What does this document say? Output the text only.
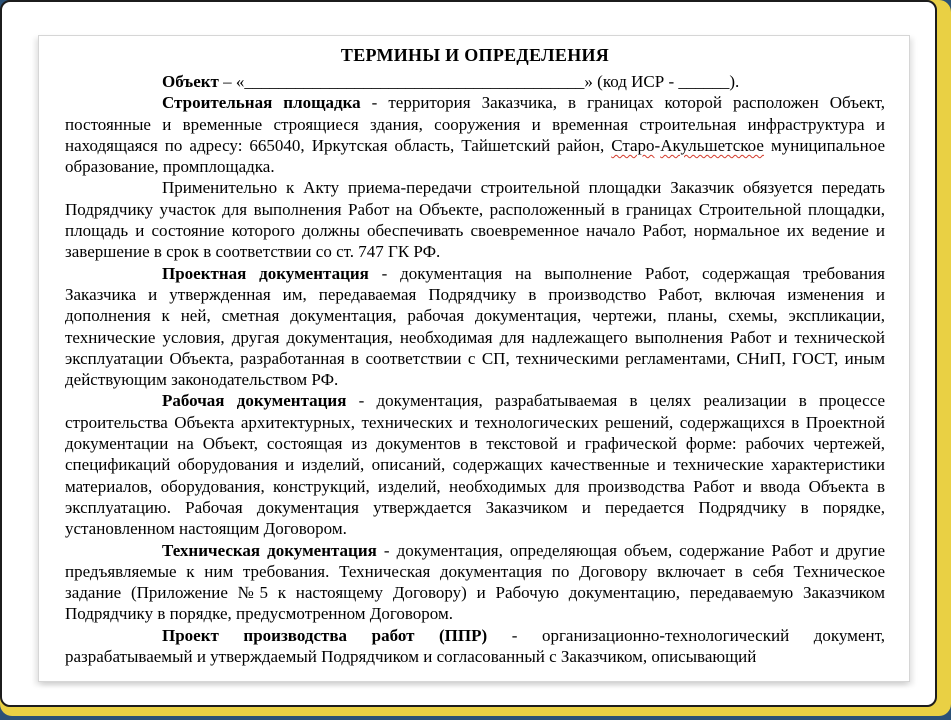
ТЕРМИНЫ И ОПРЕДЕЛЕНИЯ

Объект – «________________________________________» (код ИСР - ______).

Строительная площадка - территория Заказчика, в границах которой расположен Объект, постоянные и временные строящиеся здания, сооружения и временная строительная инфраструктура и находящаяся по адресу: 665040, Иркутская область, Тайшетский район, Старо-Акульшетское муниципальное образование, промплощадка.

Применительно к Акту приема-передачи строительной площадки Заказчик обязуется передать Подрядчику участок для выполнения Работ на Объекте, расположенный в границах Строительной площадки, площадь и состояние которого должны обеспечивать своевременное начало Работ, нормальное их ведение и завершение в срок в соответствии со ст. 747 ГК РФ.

Проектная документация - документация на выполнение Работ, содержащая требования Заказчика и утвержденная им, передаваемая Подрядчику в производство Работ, включая изменения и дополнения к ней, сметная документация, рабочая документация, чертежи, планы, схемы, экспликации, технические условия, другая документация, необходимая для надлежащего выполнения Работ и технической эксплуатации Объекта, разработанная в соответствии с СП, техническими регламентами, СНиП, ГОСТ, иным действующим законодательством РФ.

Рабочая документация - документация, разрабатываемая в целях реализации в процессе строительства Объекта архитектурных, технических и технологических решений, содержащихся в Проектной документации на Объект, состоящая из документов в текстовой и графической форме: рабочих чертежей, спецификаций оборудования и изделий, описаний, содержащих качественные и технические характеристики материалов, оборудования, конструкций, изделий, необходимых для производства Работ и ввода Объекта в эксплуатацию. Рабочая документация утверждается Заказчиком и передается Подрядчику в порядке, установленном настоящим Договором.

Техническая документация - документация, определяющая объем, содержание Работ и другие предъявляемые к ним требования. Техническая документация по Договору включает в себя Техническое задание (Приложение №5 к настоящему Договору) и Рабочую документацию, передаваемую Заказчиком Подрядчику в порядке, предусмотренном Договором.

Проект производства работ (ППР) - организационно-технологический документ, разрабатываемый и утверждаемый Подрядчиком и согласованный с Заказчиком, описывающий
